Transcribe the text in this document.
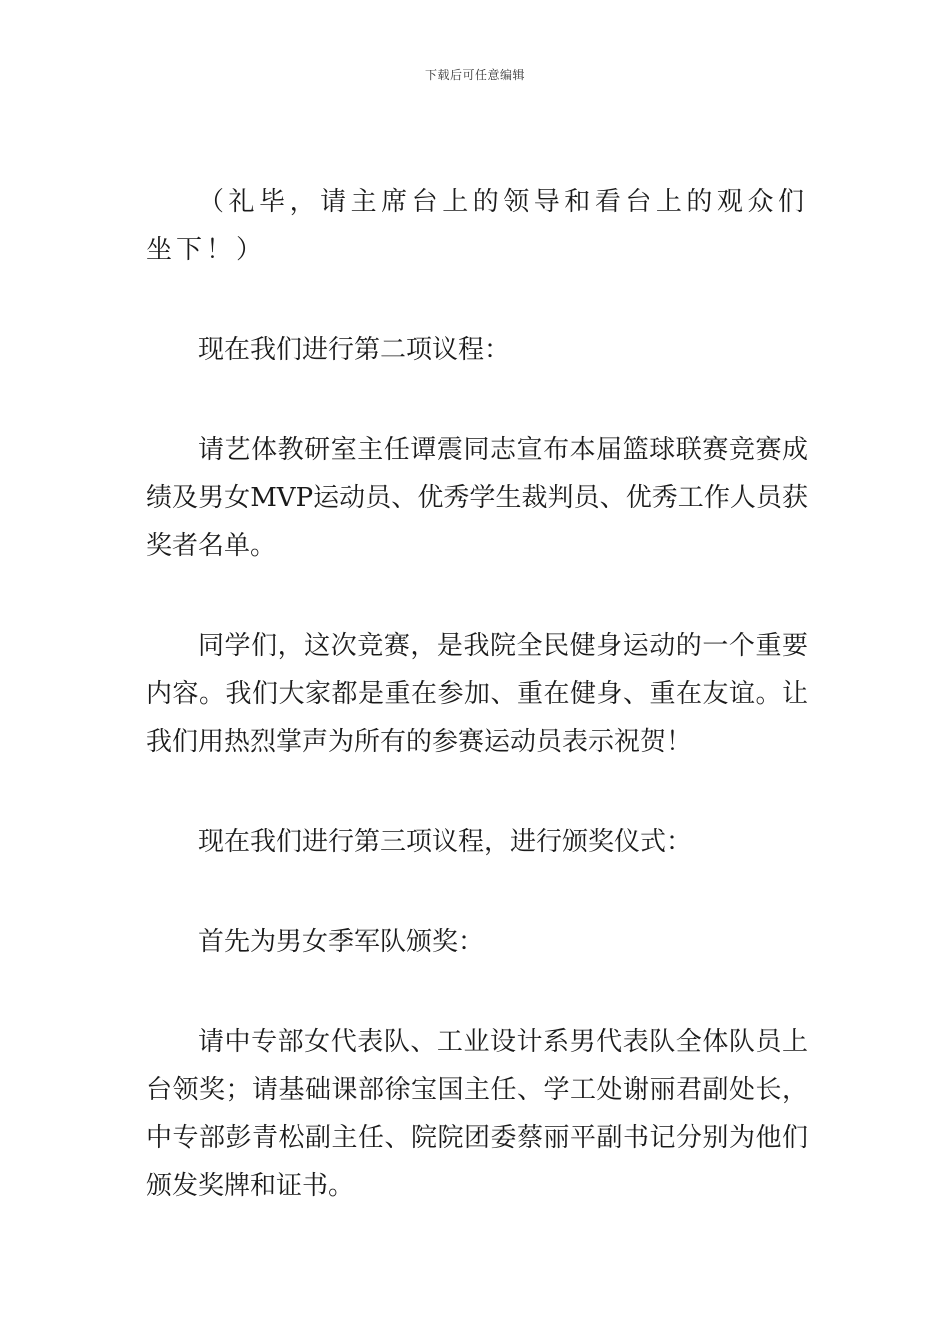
下载后可任意编辑

（礼毕，请主席台上的领导和看台上的观众们坐下！）

现在我们进行第二项议程：

请艺体教研室主任谭震同志宣布本届篮球联赛竞赛成绩及男女MVP运动员、优秀学生裁判员、优秀工作人员获奖者名单。

同学们，这次竞赛，是我院全民健身运动的一个重要内容。我们大家都是重在参加、重在健身、重在友谊。让我们用热烈掌声为所有的参赛运动员表示祝贺！

现在我们进行第三项议程，进行颁奖仪式：

首先为男女季军队颁奖：

请中专部女代表队、工业设计系男代表队全体队员上台领奖；请基础课部徐宝国主任、学工处谢丽君副处长，中专部彭青松副主任、院院团委蔡丽平副书记分别为他们颁发奖牌和证书。
